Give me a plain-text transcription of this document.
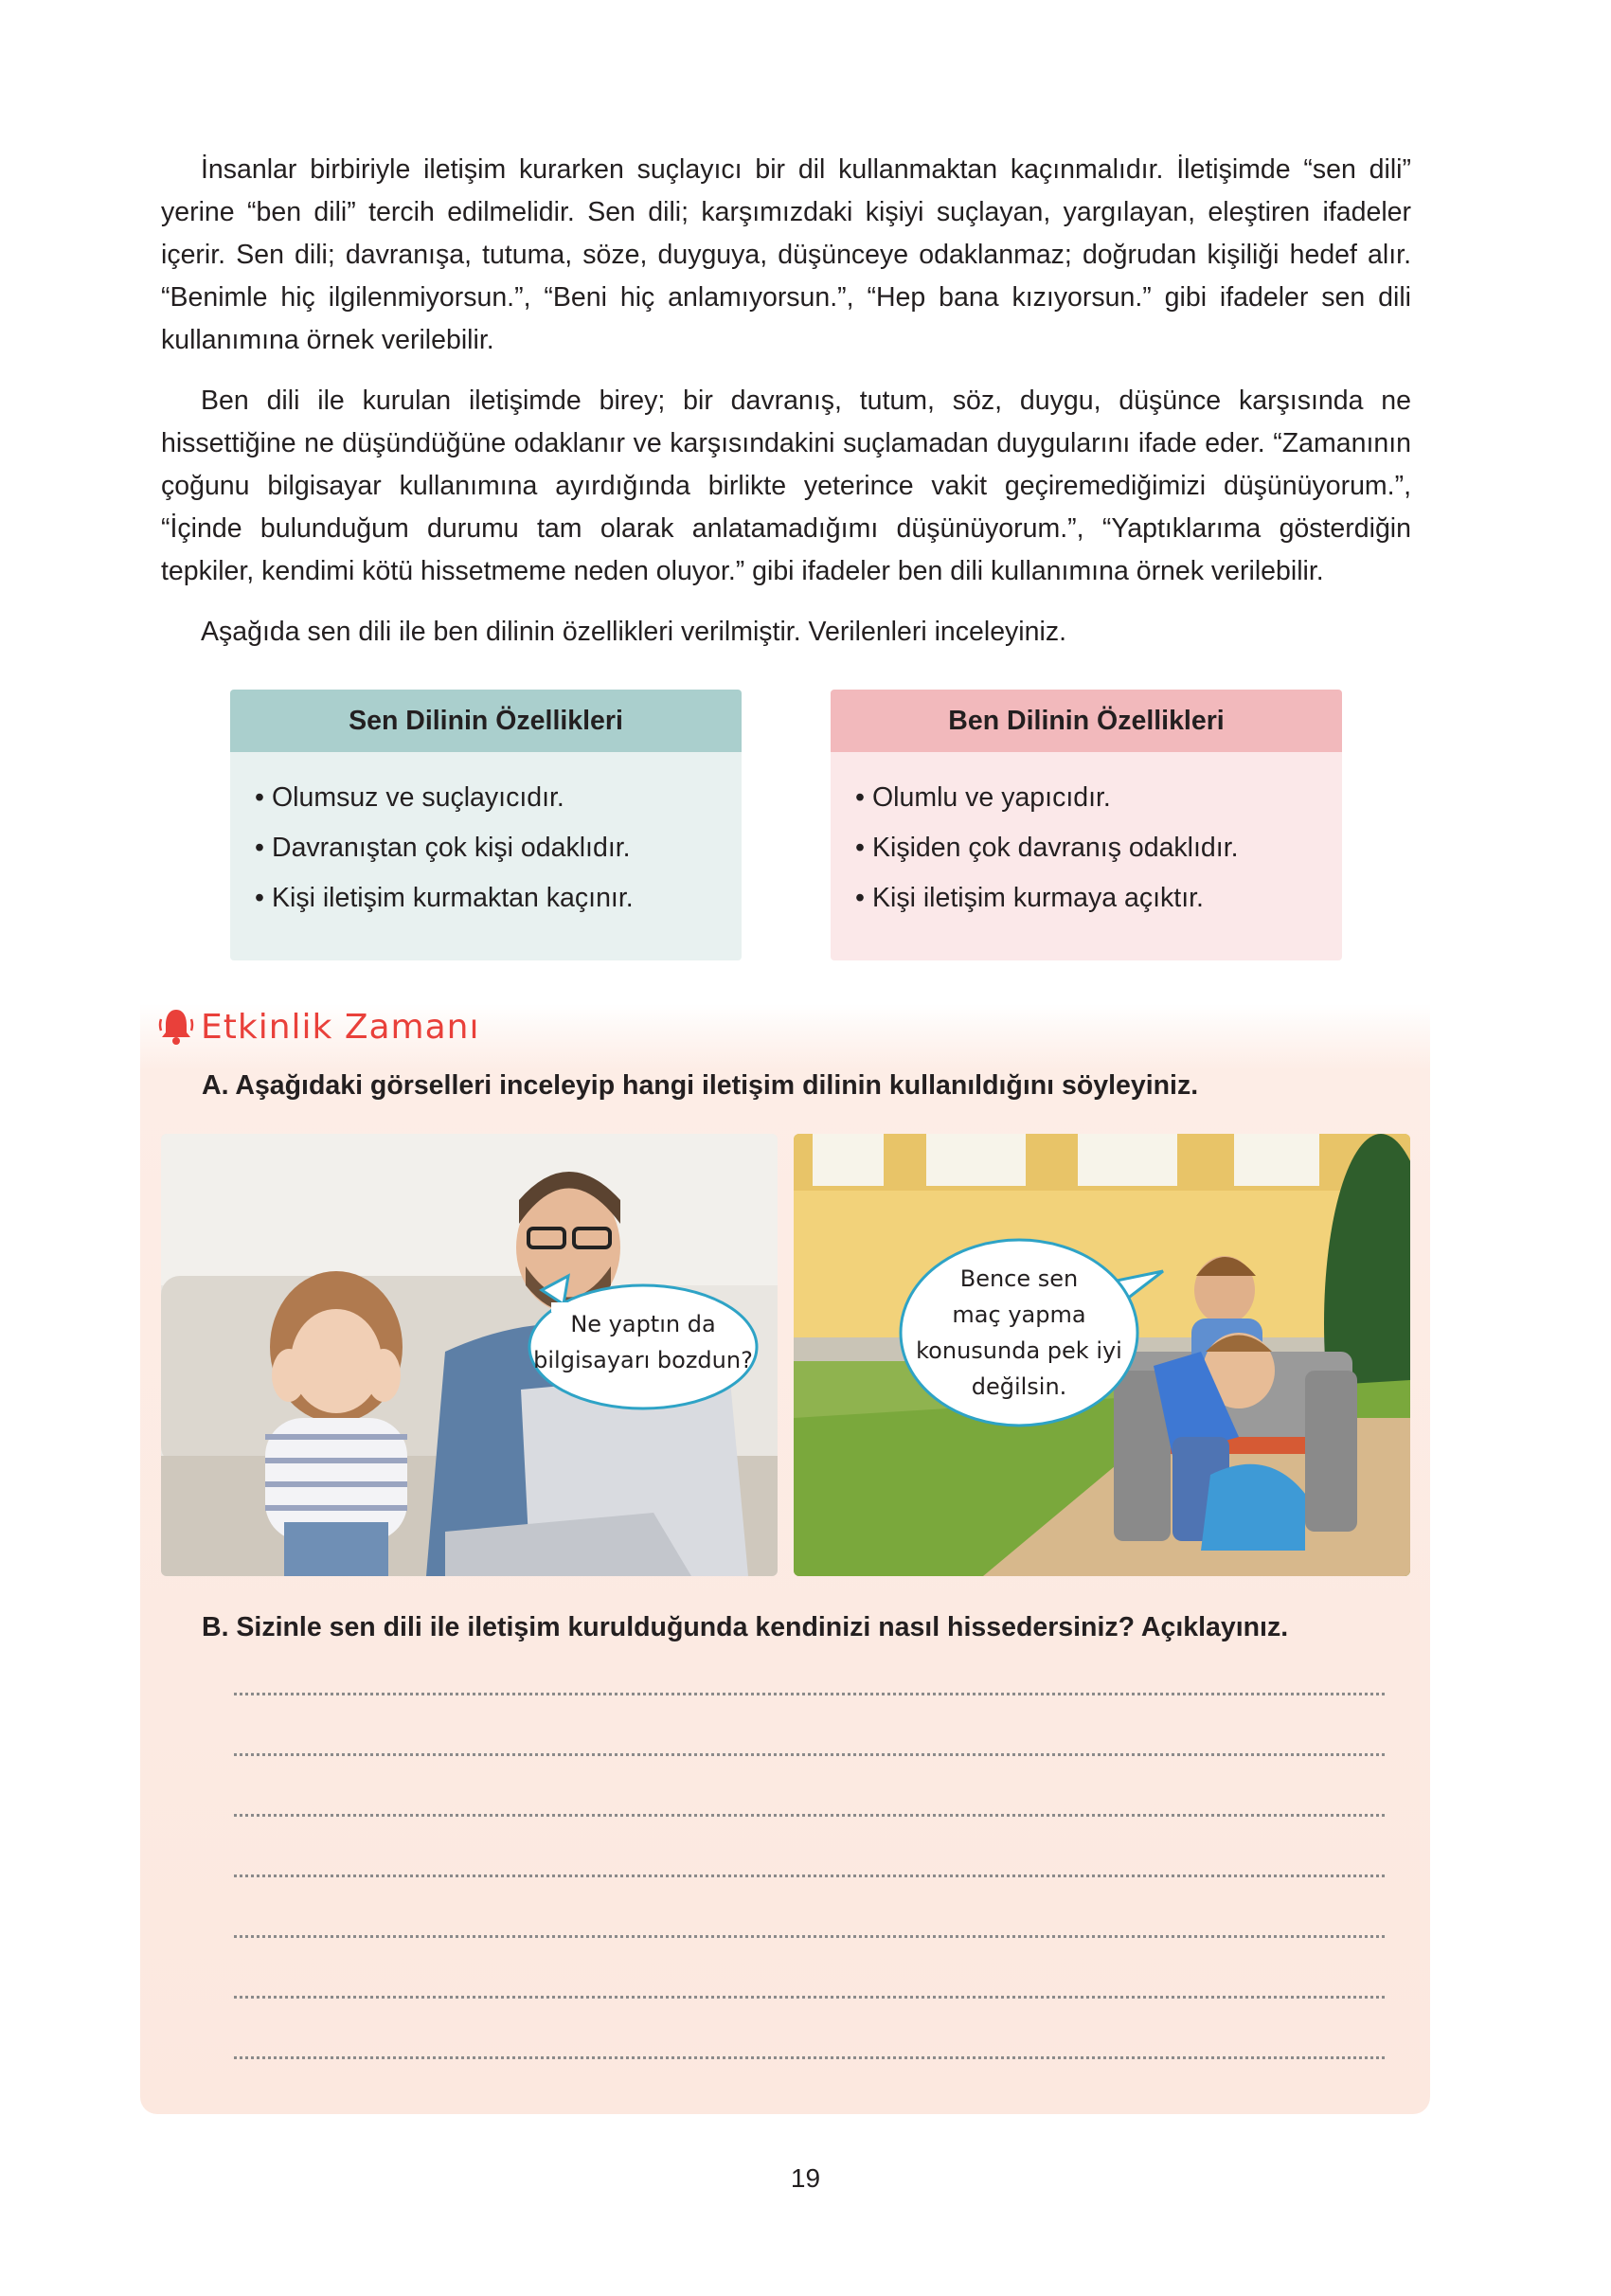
İnsanlar birbiriyle iletişim kurarken suçlayıcı bir dil kullanmaktan kaçınmalıdır. İletişimde “sen dili” yerine “ben dili” tercih edilmelidir. Sen dili; karşımızdaki kişiyi suçlayan, yargılayan, eleştiren ifadeler içerir. Sen dili; davranışa, tutuma, söze, duyguya, düşünceye odaklanmaz; doğrudan kişiliği hedef alır. “Benimle hiç ilgilenmiyorsun.”, “Beni hiç anlamıyorsun.”, “Hep bana kızıyorsun.” gibi ifadeler sen dili kullanımına örnek verilebilir.

Ben dili ile kurulan iletişimde birey; bir davranış, tutum, söz, duygu, düşünce karşısında ne hissettiğine ne düşündüğüne odaklanır ve karşısındakini suçlamadan duygularını ifade eder. “Zamanının çoğunu bilgisayar kullanımına ayırdığında birlikte yeterince vakit geçiremediğimizi düşünüyorum.”, “İçinde bulunduğum durumu tam olarak anlatamadığımı düşünüyorum.”, “Yaptıklarıma gösterdiğin tepkiler, kendimi kötü hissetmeme neden oluyor.” gibi ifadeler ben dili kullanımına örnek verilebilir.

Aşağıda sen dili ile ben dilinin özellikleri verilmiştir. Verilenleri inceleyiniz.

Sen Dilinin Özellikleri
• Olumsuz ve suçlayıcıdır.
• Davranıştan çok kişi odaklıdır.
• Kişi iletişim kurmaktan kaçınır.
Ben Dilinin Özellikleri
• Olumlu ve yapıcıdır.
• Kişiden çok davranış odaklıdır.
• Kişi iletişim kurmaya açıktır.
Etkinlik Zamanı

A. Aşağıdaki görselleri inceleyip hangi iletişim dilinin kullanıldığını söyleyiniz.

Ne yaptın da
bilgisayarı bozdun?
Bence sen
maç yapma
konusunda pek iyi
değilsin.

B. Sizinle sen dili ile iletişim kurulduğunda kendinizi nasıl hissedersiniz? Açıklayınız.

19
